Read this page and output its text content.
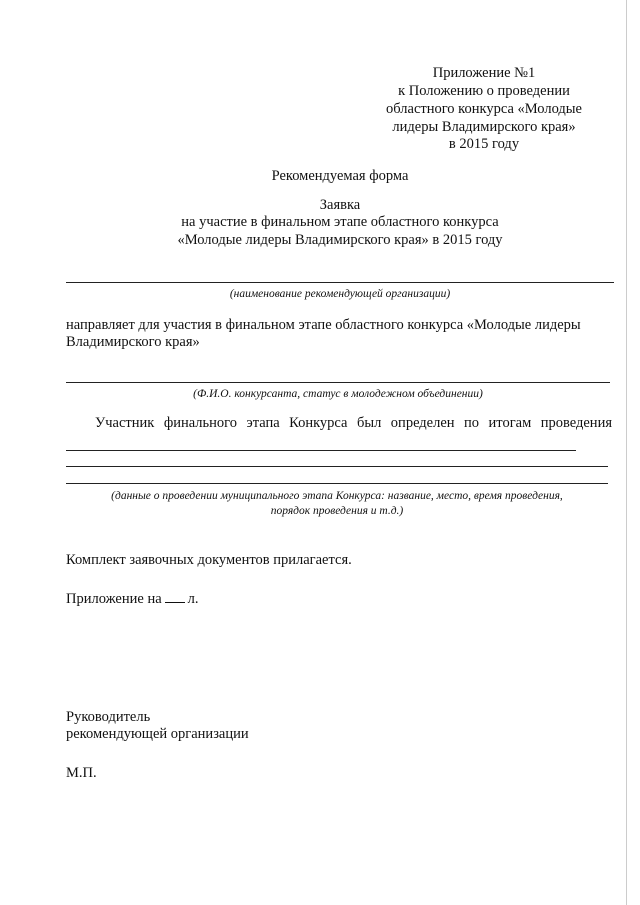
Приложение №1
к Положению о проведении
областного конкурса «Молодые
лидеры Владимирского края»
в 2015 году
Рекомендуемая форма
Заявка
на участие в финальном этапе областного конкурса
«Молодые лидеры Владимирского края» в 2015 году
(наименование рекомендующей организации)
направляет для участия в финальном этапе областного конкурса «Молодые лидеры
Владимирского края»
(Ф.И.О. конкурсанта, статус в молодежном объединении)
Участник финального этапа Конкурса был определен по итогам проведения
(данные о проведении муниципального этапа Конкурса: название, место, время проведения,
порядок проведения и т.д.)
Комплект заявочных документов прилагается.
Приложение на л.
Руководитель
рекомендующей организации
М.П.
